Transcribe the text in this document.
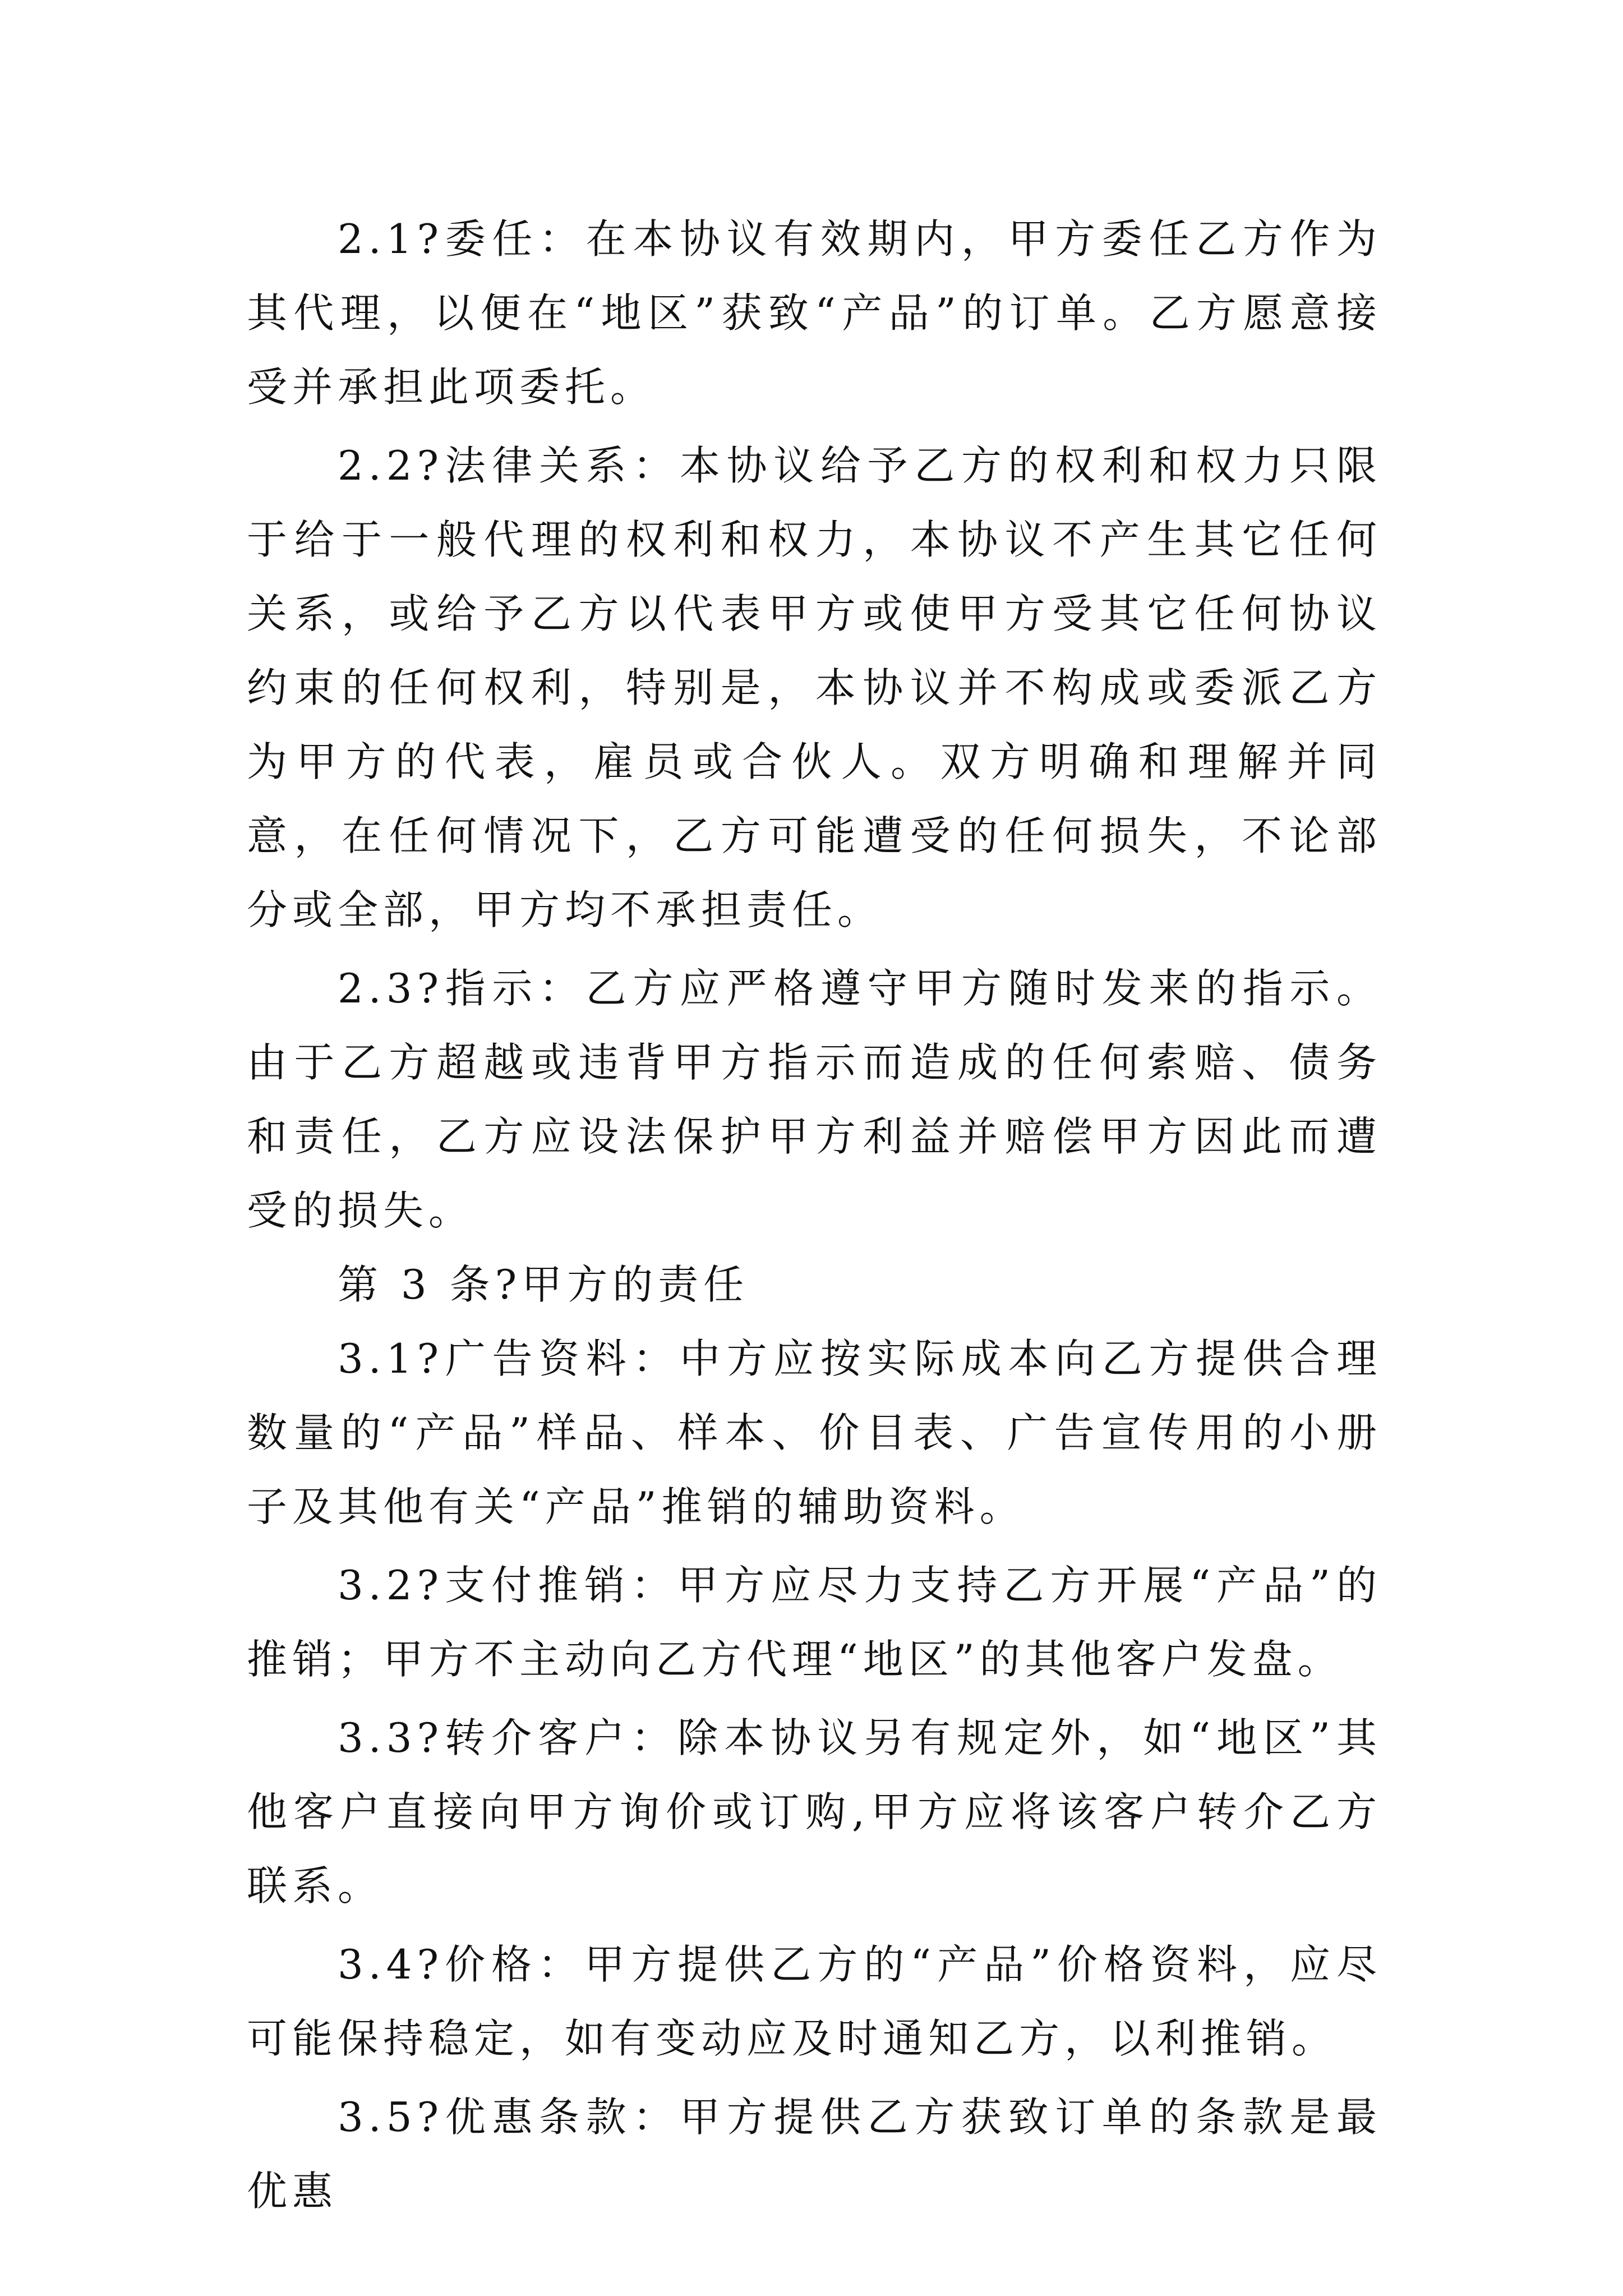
2.1?委任：在本协议有效期内，甲方委任乙方作为其代理，以便在“地区”获致“产品”的订单。乙方愿意接受并承担此项委托。

2.2?法律关系：本协议给予乙方的权利和权力只限于给于一般代理的权利和权力，本协议不产生其它任何关系，或给予乙方以代表甲方或使甲方受其它任何协议约束的任何权利，特别是，本协议并不构成或委派乙方为甲方的代表，雇员或合伙人。双方明确和理解并同意，在任何情况下，乙方可能遭受的任何损失，不论部分或全部，甲方均不承担责任。

2.3?指示：乙方应严格遵守甲方随时发来的指示。由于乙方超越或违背甲方指示而造成的任何索赔、债务和责任，乙方应设法保护甲方利益并赔偿甲方因此而遭受的损失。

第 3 条?甲方的责任

3.1?广告资料：中方应按实际成本向乙方提供合理数量的“产品”样品、样本、价目表、广告宣传用的小册子及其他有关“产品”推销的辅助资料。

3.2?支付推销：甲方应尽力支持乙方开展“产品”的推销；甲方不主动向乙方代理“地区”的其他客户发盘。

3.3?转介客户：除本协议另有规定外，如“地区”其他客户直接向甲方询价或订购,甲方应将该客户转介乙方联系。

3.4?价格：甲方提供乙方的“产品”价格资料，应尽可能保持稳定，如有变动应及时通知乙方，以利推销。

3.5?优惠条款：甲方提供乙方获致订单的条款是最优惠
